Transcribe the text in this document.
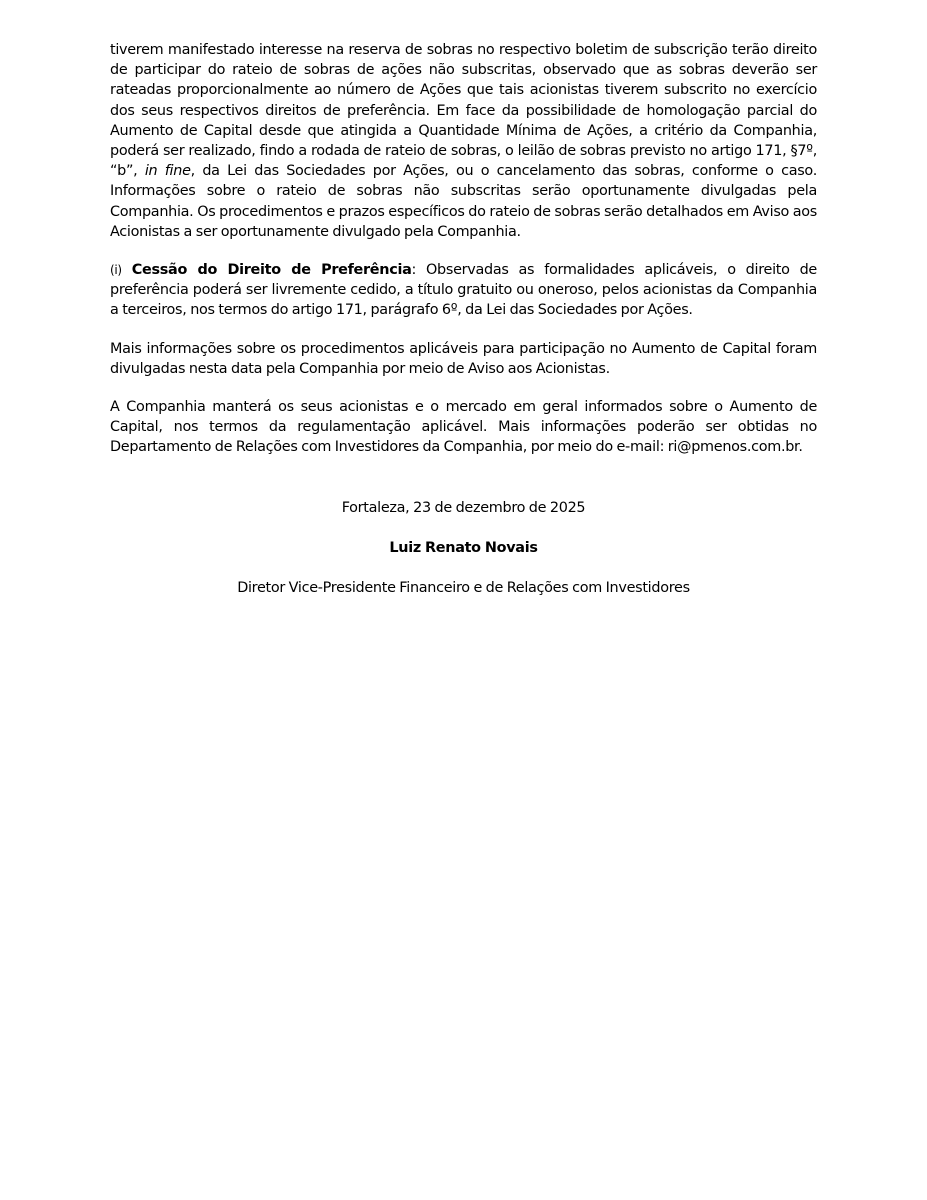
tiverem manifestado interesse na reserva de sobras no respectivo boletim de subscrição terão direito de participar do rateio de sobras de ações não subscritas, observado que as sobras deverão ser rateadas proporcionalmente ao número de Ações que tais acionistas tiverem subscrito no exercício dos seus respectivos direitos de preferência. Em face da possibilidade de homologação parcial do Aumento de Capital desde que atingida a Quantidade Mínima de Ações, a critério da Companhia, poderá ser realizado, findo a rodada de rateio de sobras, o leilão de sobras previsto no artigo 171, §7º, “b”, in fine, da Lei das Sociedades por Ações, ou o cancelamento das sobras, conforme o caso. Informações sobre o rateio de sobras não subscritas serão oportunamente divulgadas pela Companhia. Os procedimentos e prazos específicos do rateio de sobras serão detalhados em Aviso aos Acionistas a ser oportunamente divulgado pela Companhia.

(i) Cessão do Direito de Preferência: Observadas as formalidades aplicáveis, o direito de preferência poderá ser livremente cedido, a título gratuito ou oneroso, pelos acionistas da Companhia a terceiros, nos termos do artigo 171, parágrafo 6º, da Lei das Sociedades por Ações.

Mais informações sobre os procedimentos aplicáveis para participação no Aumento de Capital foram divulgadas nesta data pela Companhia por meio de Aviso aos Acionistas.

A Companhia manterá os seus acionistas e o mercado em geral informados sobre o Aumento de Capital, nos termos da regulamentação aplicável. Mais informações poderão ser obtidas no Departamento de Relações com Investidores da Companhia, por meio do e-mail: ri@pmenos.com.br.

Fortaleza, 23 de dezembro de 2025
Luiz Renato Novais
Diretor Vice-Presidente Financeiro e de Relações com Investidores
